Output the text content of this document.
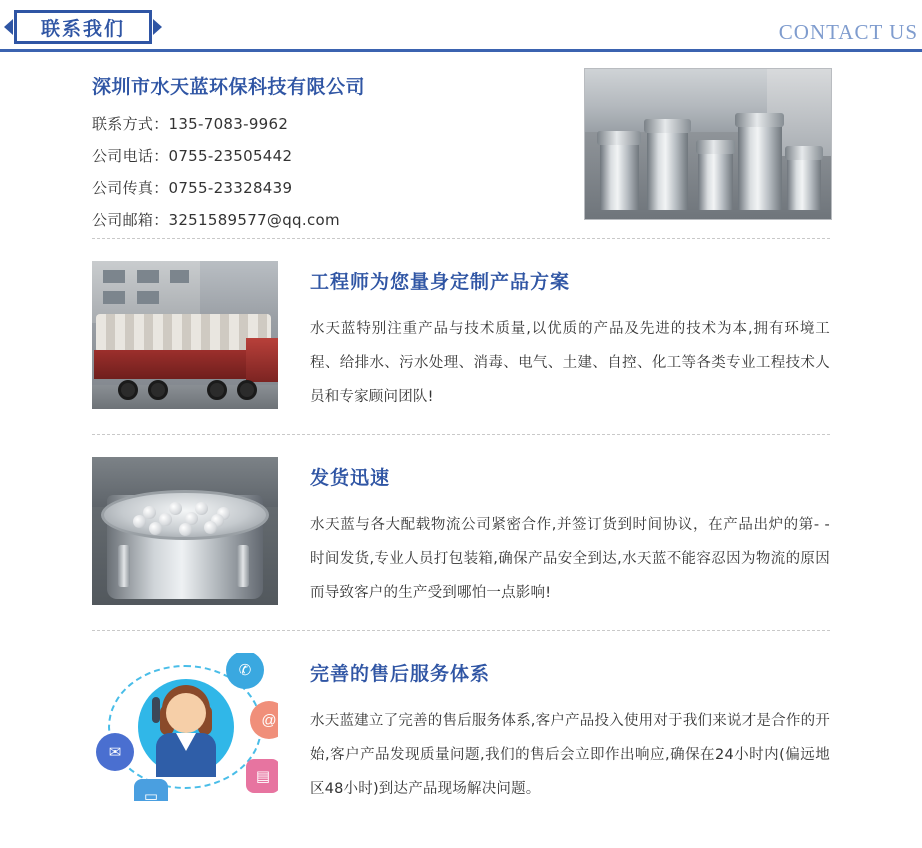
联系我们	CONTACT US
深圳市水天蓝环保科技有限公司
联系方式：135-7083-9962
公司电话：0755-23505442
公司传真：0755-23328439
公司邮箱：3251589577@qq.com
工程师为您量身定制产品方案
水天蓝特别注重产品与技术质量,以优质的产品及先进的技术为本,拥有环境工程、给排水、污水处理、消毒、电气、土建、自控、化工等各类专业工程技术人员和专家顾问团队!
发货迅速
水天蓝与各大配载物流公司紧密合作,并签订货到时间协议，在产品出炉的第- -时间发货,专业人员打包装箱,确保产品安全到达,水天蓝不能容忍因为物流的原因而导致客户的生产受到哪怕一点影响!
✆
@
✉
▤
▭
完善的售后服务体系
水天蓝建立了完善的售后服务体系,客户产品投入使用对于我们来说才是合作的开始,客户产品发现质量问题,我们的售后会立即作出响应,确保在24小时内(偏远地区48小时)到达产品现场解决问题。
